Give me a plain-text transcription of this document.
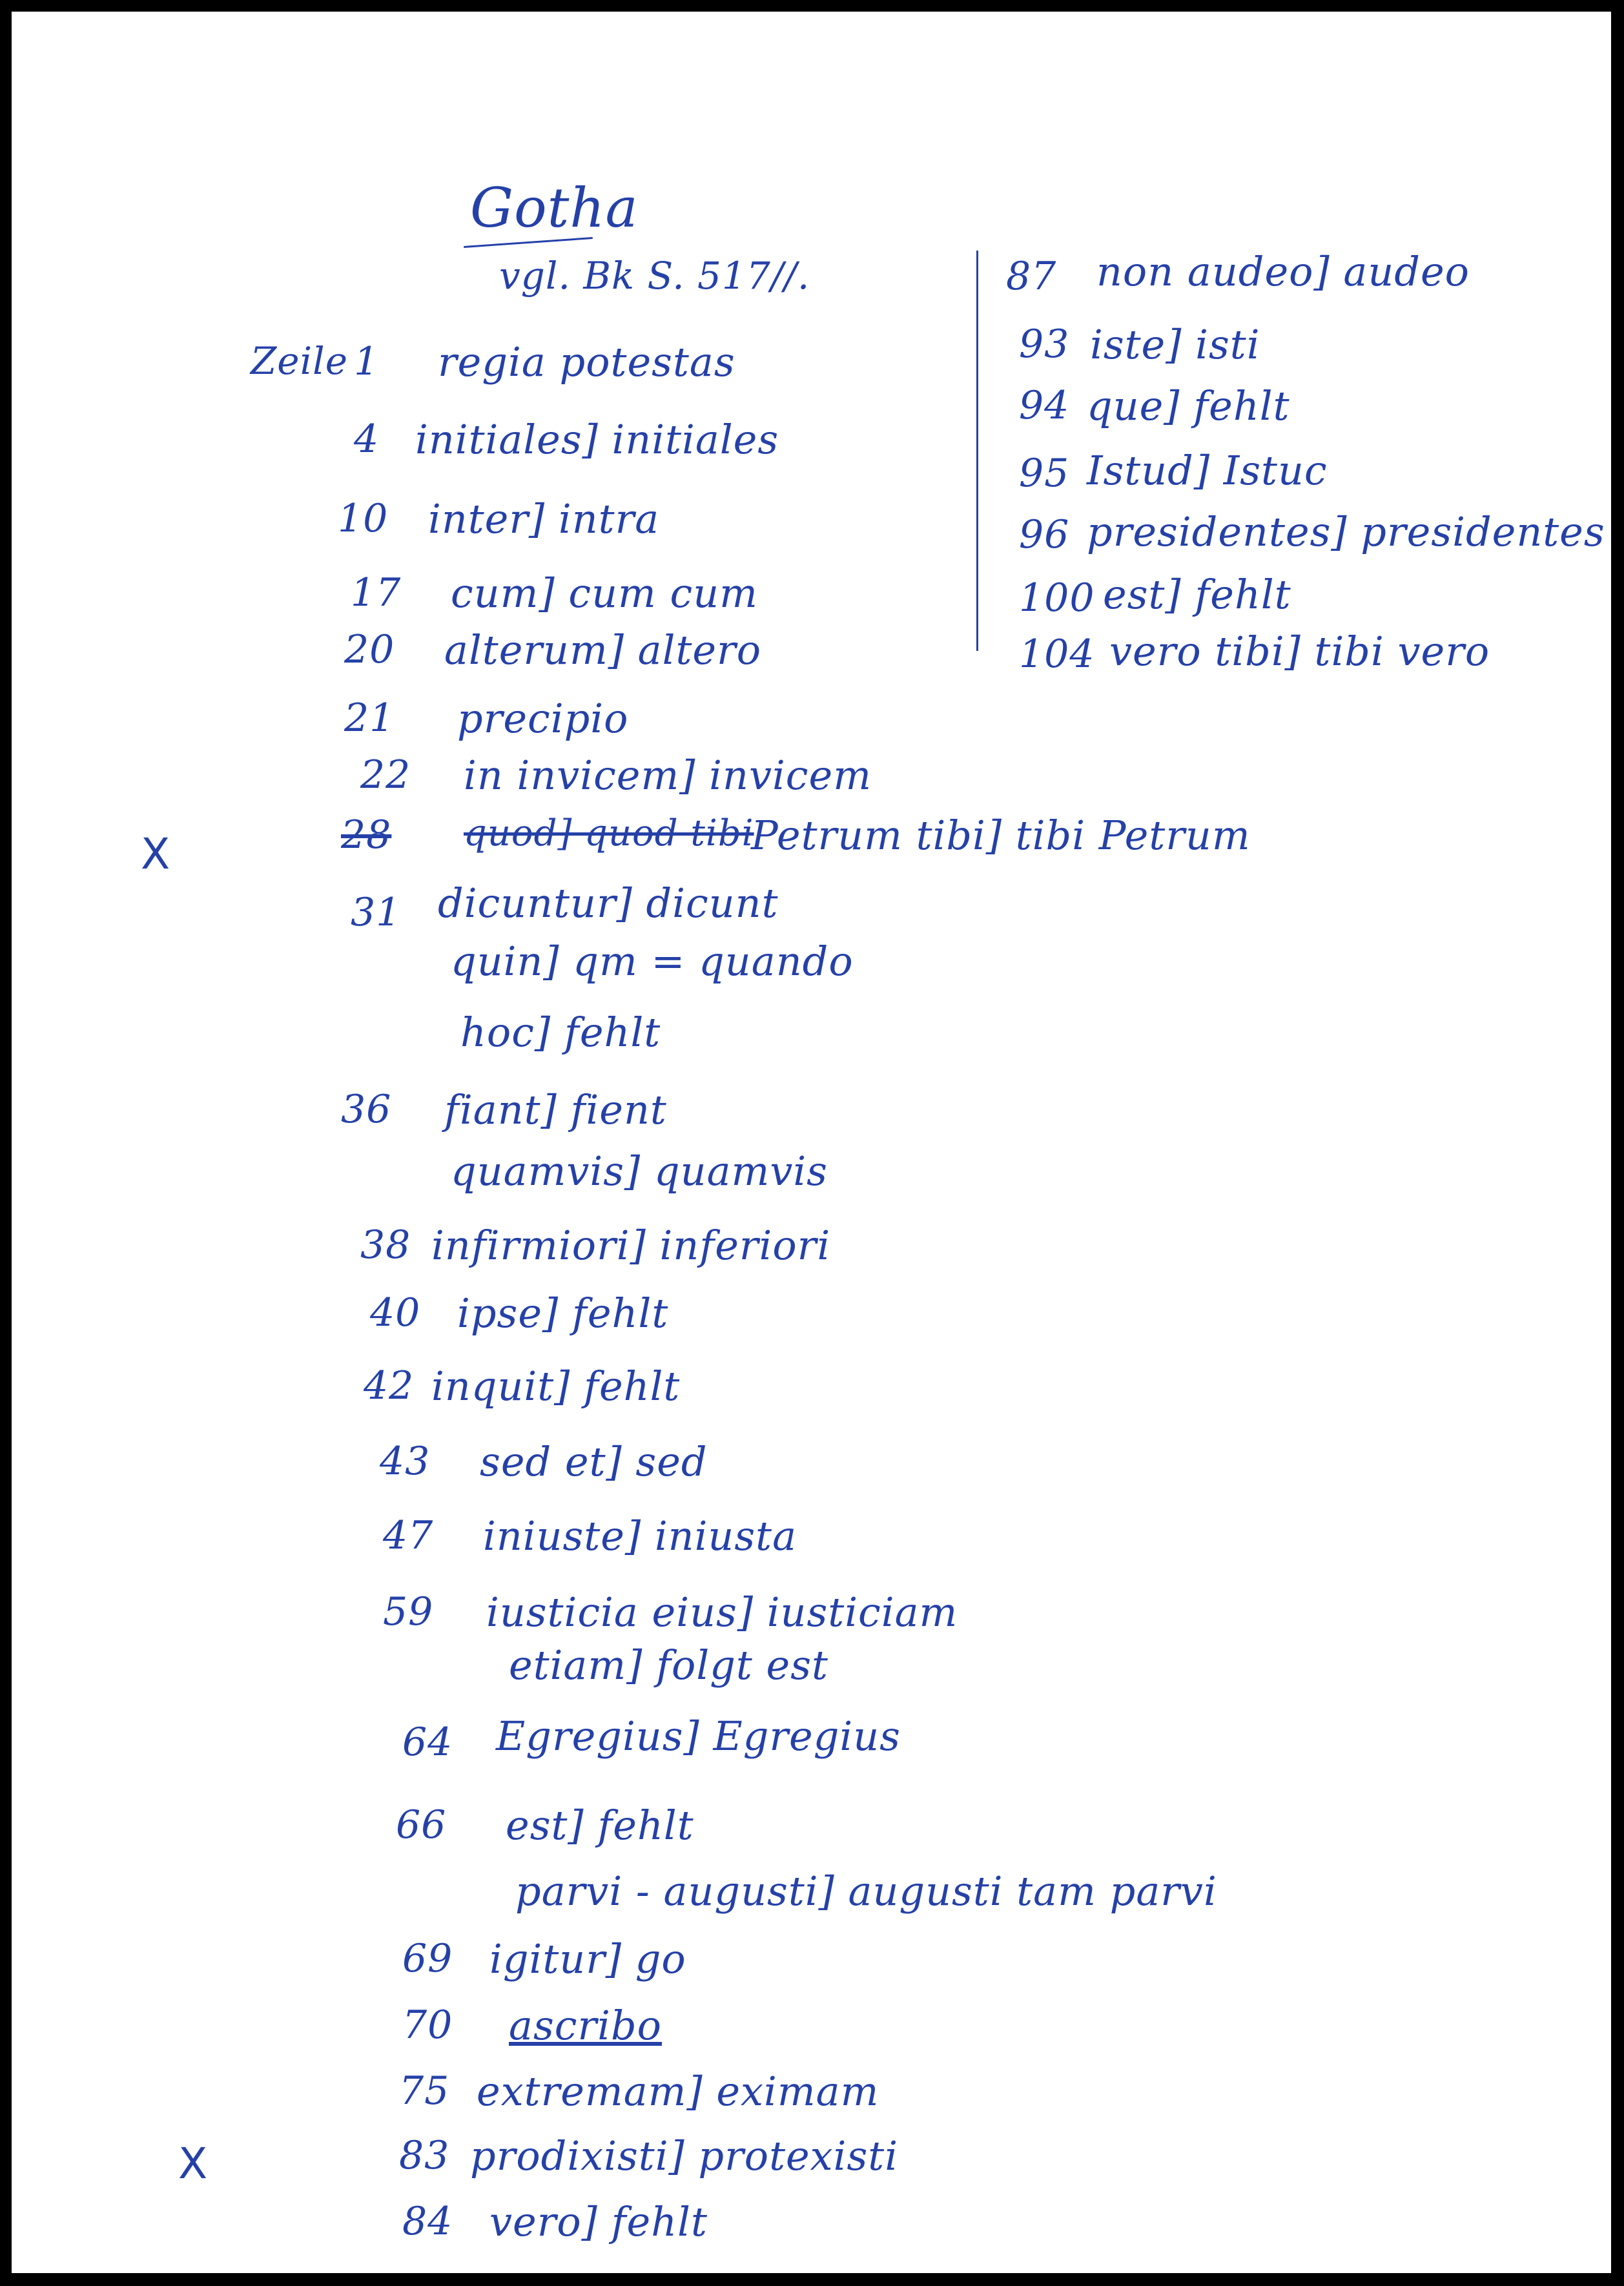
Gotha
vgl. Bk S. 517//.
Zeile 1 regia potestas
4 initiales] initiales
10 inter] intra
17 cum] cum cum
20 alterum] altero
21 precipio
22 in invicem] invicem
X	28 quod] quod tibi
Petrum tibi] tibi Petrum
31 dicuntur] dicunt
quin] qm = quando
hoc] fehlt
36 fiant] fient
quamvis] quamvis
38 infirmiori] inferiori
40 ipse] fehlt
42 inquit] fehlt
43 sed et] sed
47 iniuste] iniusta
59 iusticia eius] iusticiam
etiam] folgt est
64 Egregius] Egregius
66 est] fehlt
parvi - augusti] augusti tam parvi
69 igitur] go
70 ascribo
75 extremam] eximam
X	83 prodixisti] protexisti
84 vero] fehlt
87 non audeo] audeo
93 iste] isti
94 que] fehlt
95 Istud] Istuc
96 presidentes] presidentes
100 est] fehlt
104 vero tibi] tibi vero
